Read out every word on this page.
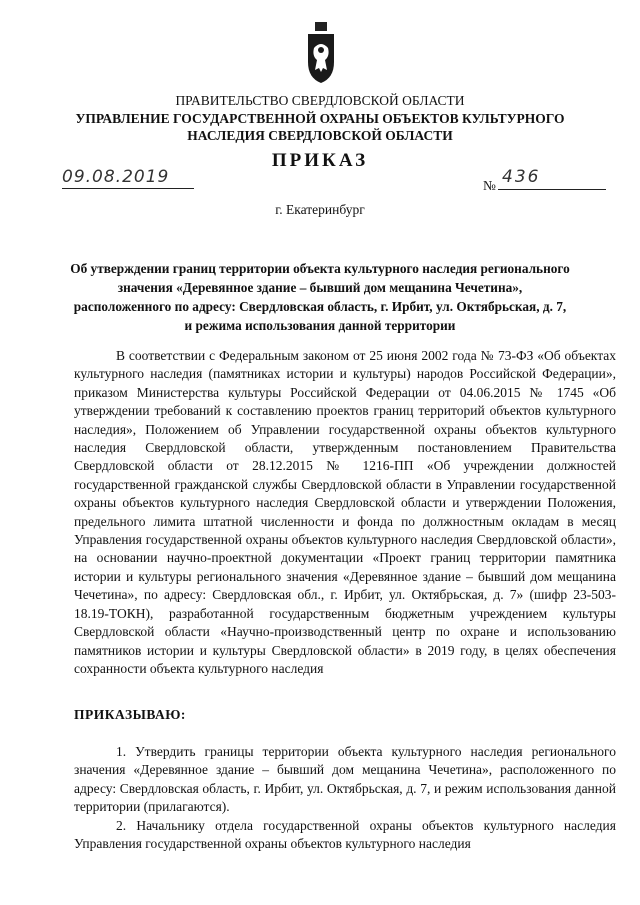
ПРАВИТЕЛЬСТВО СВЕРДЛОВСКОЙ ОБЛАСТИ
УПРАВЛЕНИЕ ГОСУДАРСТВЕННОЙ ОХРАНЫ ОБЪЕКТОВ КУЛЬТУРНОГО НАСЛЕДИЯ СВЕРДЛОВСКОЙ ОБЛАСТИ
ПРИКАЗ
09.08.2019	№ 436
г. Екатеринбург
Об утверждении границ территории объекта культурного наследия регионального значения «Деревянное здание – бывший дом мещанина Чечетина», расположенного по адресу: Свердловская область, г. Ирбит, ул. Октябрьская, д. 7, и режима использования данной территории
В соответствии с Федеральным законом от 25 июня 2002 года № 73-ФЗ «Об объектах культурного наследия (памятниках истории и культуры) народов Российской Федерации», приказом Министерства культуры Российской Федерации от 04.06.2015 № 1745 «Об утверждении требований к составлению проектов границ территорий объектов культурного наследия», Положением об Управлении государственной охраны объектов культурного наследия Свердловской области, утвержденным постановлением Правительства Свердловской области от 28.12.2015 № 1216-ПП «Об учреждении должностей государственной гражданской службы Свердловской области в Управлении государственной охраны объектов культурного наследия Свердловской области и утверждении Положения, предельного лимита штатной численности и фонда по должностным окладам в месяц Управления государственной охраны объектов культурного наследия Свердловской области», на основании научно-проектной документации «Проект границ территории памятника истории и культуры регионального значения «Деревянное здание – бывший дом мещанина Чечетина», по адресу: Свердловская обл., г. Ирбит, ул. Октябрьская, д. 7» (шифр 23-503-18.19-ТОКН), разработанной государственным бюджетным учреждением культуры Свердловской области «Научно-производственный центр по охране и использованию памятников истории и культуры Свердловской области» в 2019 году, в целях обеспечения сохранности объекта культурного наследия
ПРИКАЗЫВАЮ:
1. Утвердить границы территории объекта культурного наследия регионального значения «Деревянное здание – бывший дом мещанина Чечетина», расположенного по адресу: Свердловская область, г. Ирбит, ул. Октябрьская, д. 7, и режим использования данной территории (прилагаются).
2. Начальнику отдела государственной охраны объектов культурного наследия Управления государственной охраны объектов культурного наследия
